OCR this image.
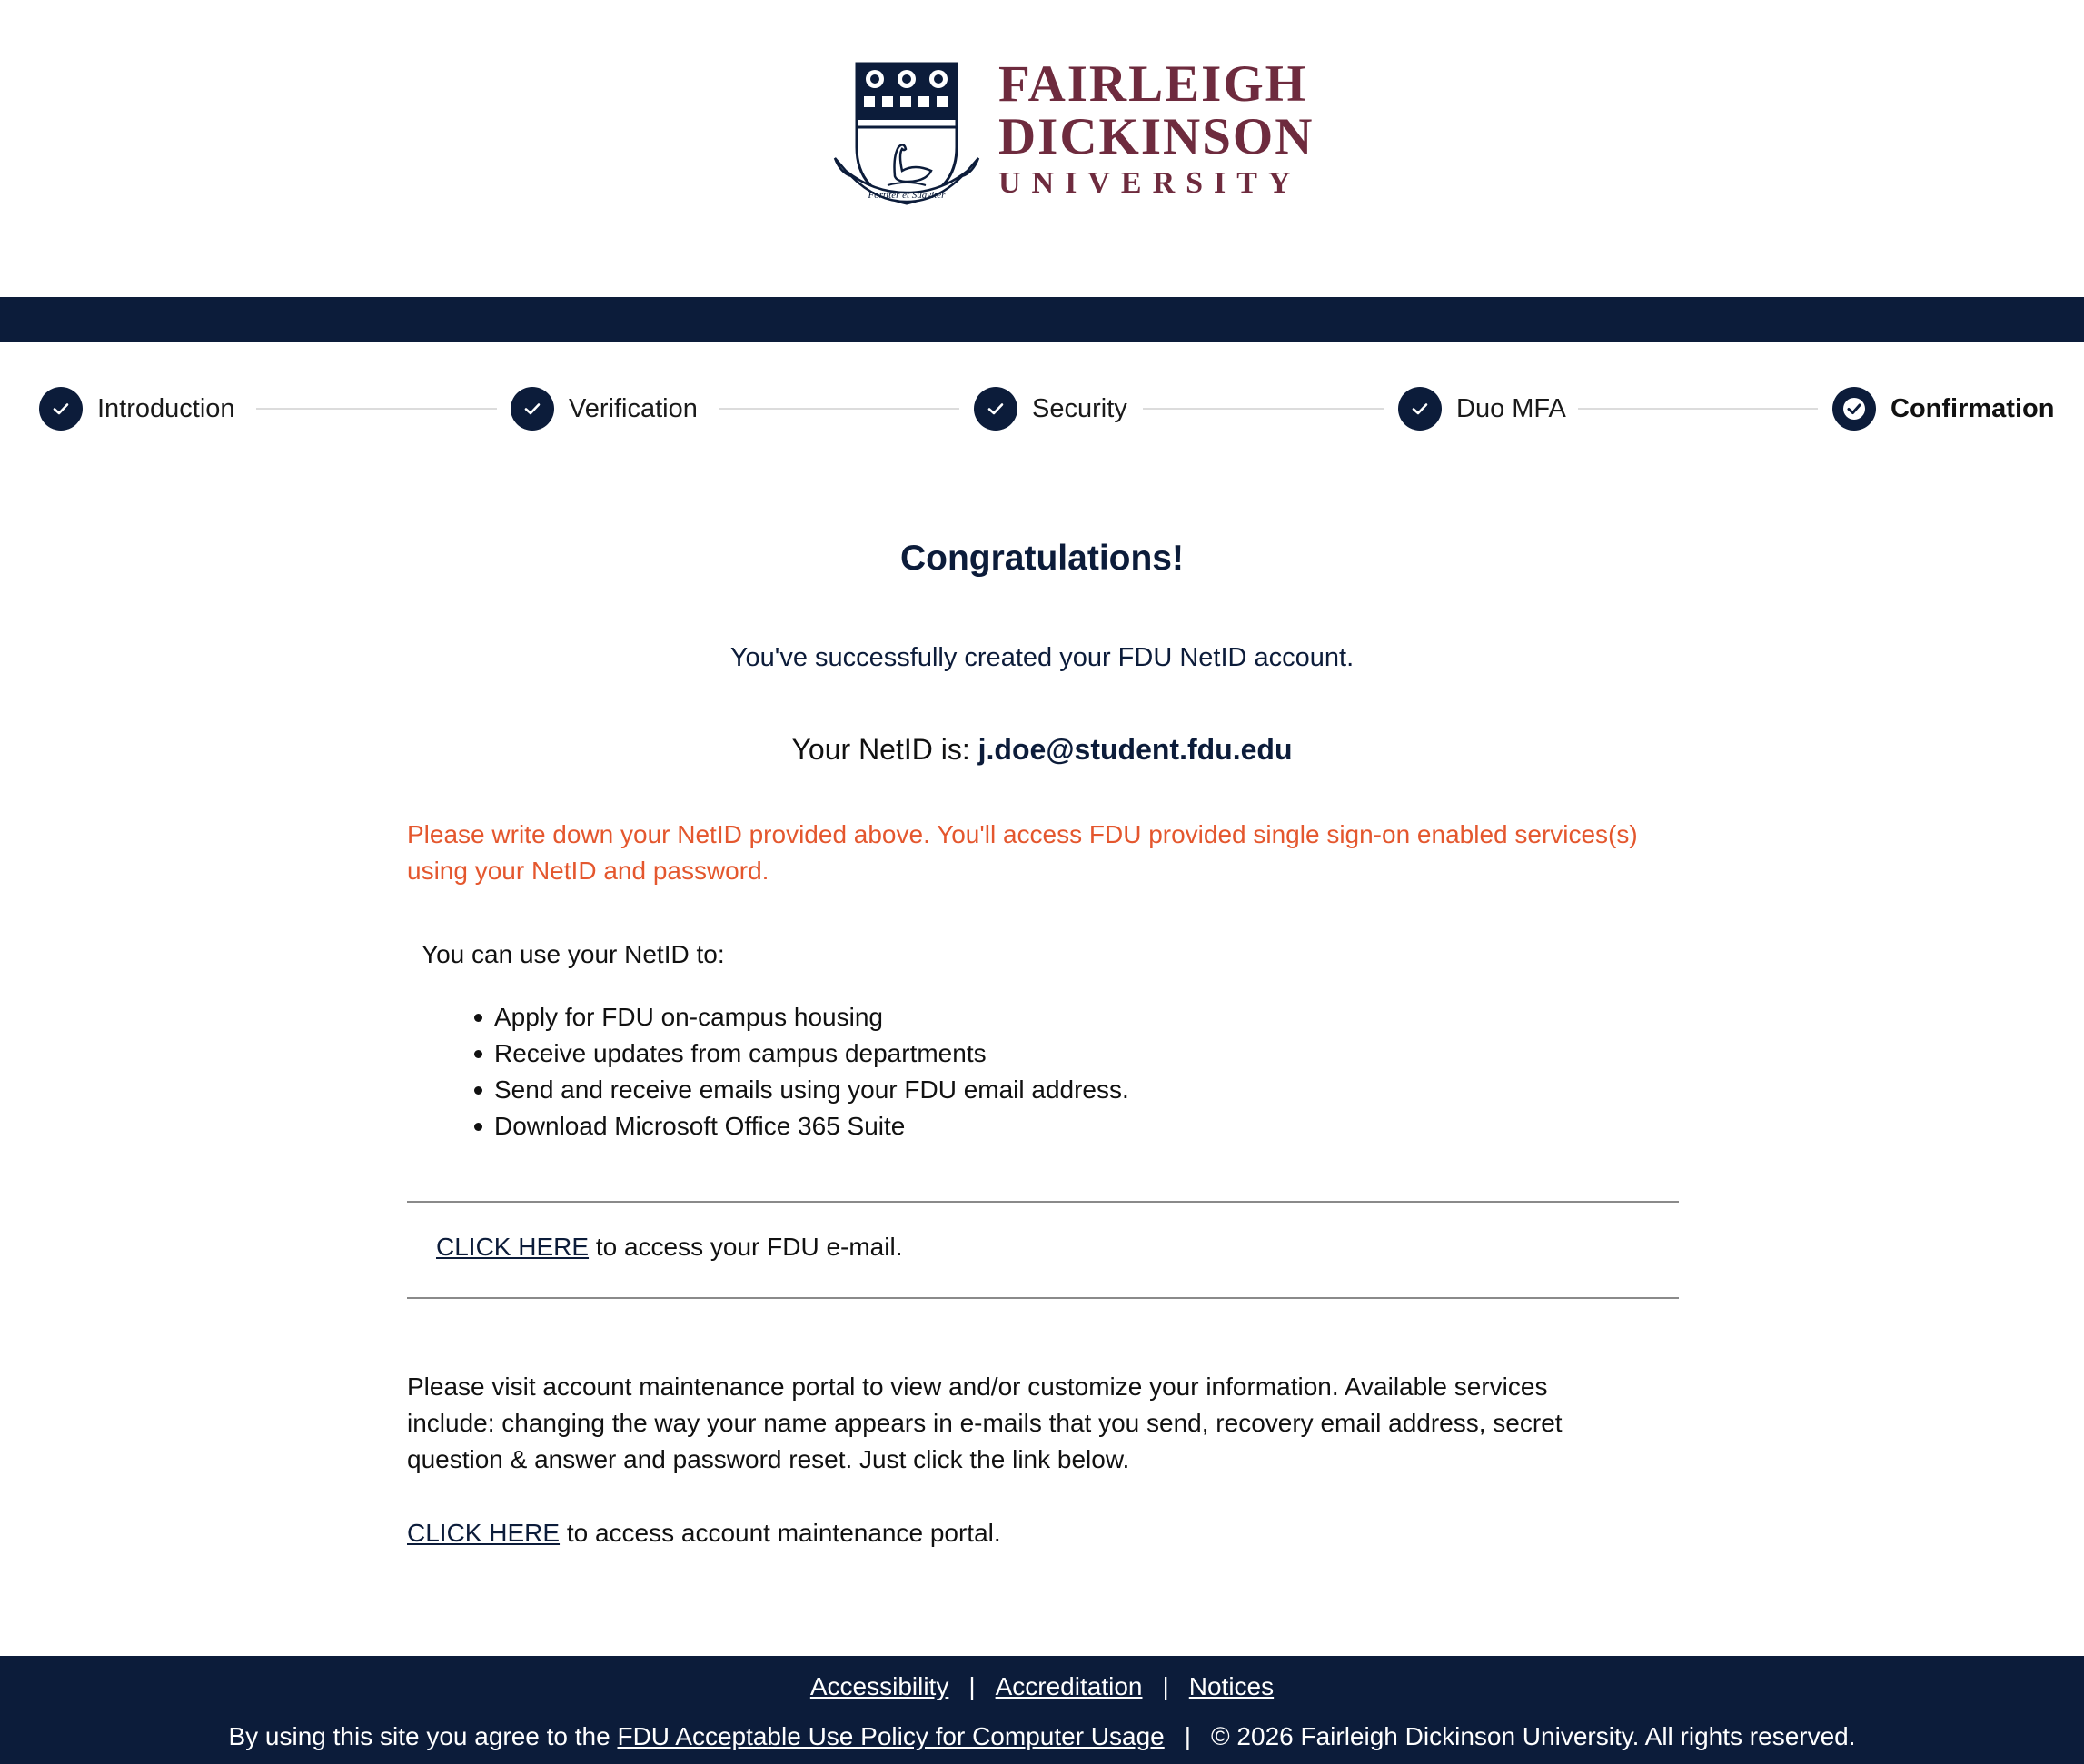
Fortiter et Suaviter
FAIRLEIGH
DICKINSON
UNIVERSITY
Introduction	Verification	Security	Duo MFA	Confirmation
Congratulations!
You've successfully created your FDU NetID account.
Your NetID is: j.doe@student.fdu.edu
Please write down your NetID provided above. You'll access FDU provided single sign-on enabled services(s) using your NetID and password.
You can use your NetID to:
Apply for FDU on-campus housing
Receive updates from campus departments
Send and receive emails using your FDU email address.
Download Microsoft Office 365 Suite
CLICK HERE to access your FDU e-mail.
Please visit account maintenance portal to view and/or customize your information. Available services include: changing the way your name appears in e-mails that you send, recovery email address, secret question & answer and password reset. Just click the link below.
CLICK HERE to access account maintenance portal.
Accessibility | Accreditation | Notices
By using this site you agree to the FDU Acceptable Use Policy for Computer Usage | © 2026 Fairleigh Dickinson University. All rights reserved.
